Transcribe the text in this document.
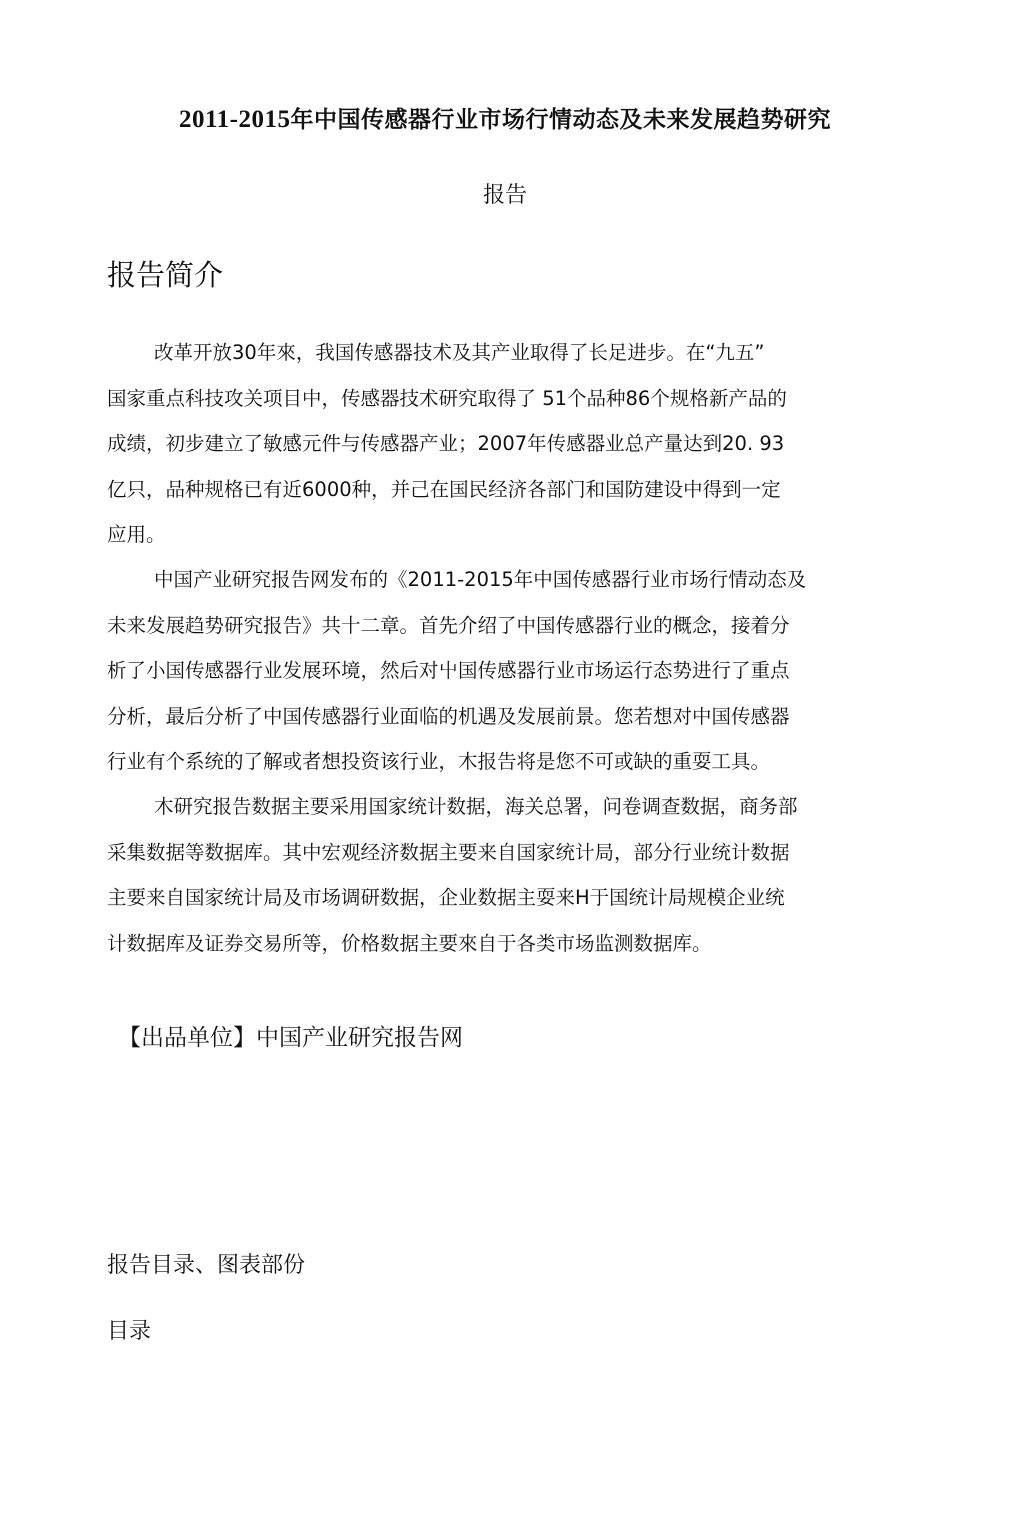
2011-2015年中国传感器行业市场行情动态及未来发展趋势研究
报告
报告简介
改革开放30年來，我国传感器技术及其产业取得了长足进步。在“九五”
国家重点科技攻关项目中，传感器技术研究取得了 51个品种86个规格新产品的
成绩，初步建立了敏感元件与传感器产业；2007年传感器业总产量达到20. 93
亿只，品种规格已有近6000种，并己在国民经济各部门和国防建设中得到一定
应用。
中国产业研究报告网发布的《2011-2015年中国传感器行业市场行情动态及
未来发展趋势研究报告》共十二章。首先介绍了中国传感器行业的概念，接着分
析了小国传感器行业发展环境，然后对屮国传感器行业市场运行态势进行了重点
分析，最后分析了中国传感器行业面临的机遇及发展前景。您若想对中国传感器
行业有个系统的了解或者想投资该行业，木报告将是您不可或缺的重耍工具。
木研究报告数据主要采用国家统计数据，海关总署，问卷调查数据，商务部
采集数据等数据库。其中宏观经济数据主要来自国家统计局，部分行业统计数据
主要来自国家统计局及市场调研数据，企业数据主耍来H于国统计局规模企业统
计数据库及证券交易所等，价格数据主要來自于各类市场监测数据库。
【出品单位】中国产业研究报告网
报告目录、图表部份
目录
